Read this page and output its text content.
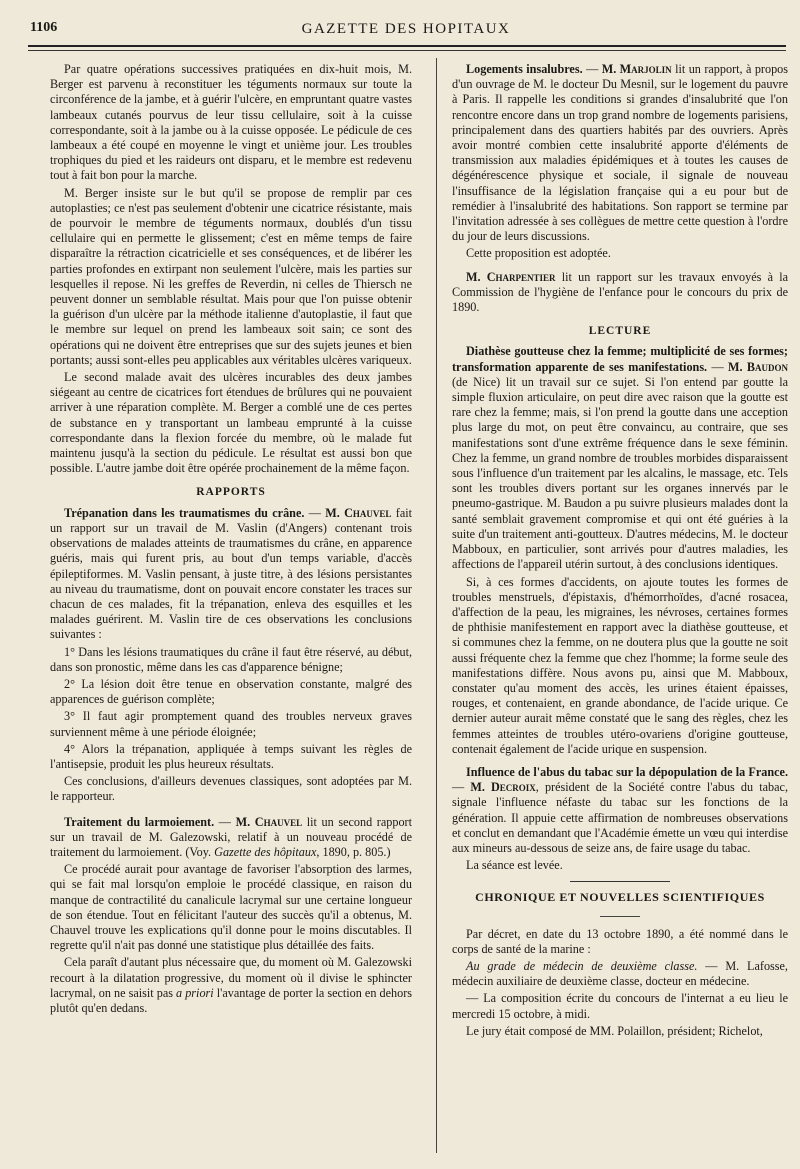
1106	GAZETTE DES HOPITAUX

Par quatre opérations successives pratiquées en dix-huit mois, M. Berger est parvenu à reconstituer les téguments normaux sur toute la circonférence de la jambe, et à guérir l'ulcère, en empruntant quatre vastes lambeaux cutanés pourvus de leur tissu cellulaire, soit à la cuisse correspondante, soit à la jambe ou à la cuisse opposée. Le pédicule de ces lambeaux a été coupé en moyenne le vingt et unième jour. Les troubles trophiques du pied et les raideurs ont disparu, et le membre est redevenu tout à fait bon pour la marche.

M. Berger insiste sur le but qu'il se propose de remplir par ces autoplasties; ce n'est pas seulement d'obtenir une cicatrice résistante, mais de pourvoir le membre de téguments normaux, doublés d'un tissu cellulaire qui en permette le glissement; c'est en même temps de faire disparaître la rétraction cicatricielle et ses conséquences, et de libérer les parties profondes en extirpant non seulement l'ulcère, mais les parties sur lesquelles il repose. Ni les greffes de Reverdin, ni celles de Thiersch ne peuvent donner un semblable résultat. Mais pour que l'on puisse obtenir la guérison d'un ulcère par la méthode italienne d'autoplastie, il faut que le membre sur lequel on prend les lambeaux soit sain; ce sont des opérations qui ne doivent être entreprises que sur des sujets jeunes et bien portants; aussi sont-elles peu applicables aux véritables ulcères variqueux.

Le second malade avait des ulcères incurables des deux jambes siégeant au centre de cicatrices fort étendues de brûlures qui ne pouvaient arriver à une réparation complète. M. Berger a comblé une de ces pertes de substance en y transportant un lambeau emprunté à la cuisse correspondante dans la flexion forcée du membre, où le malade fut maintenu jusqu'à la section du pédicule. Le résultat est aussi bon que possible. L'autre jambe doit être opérée prochainement de la même façon.

RAPPORTS

Trépanation dans les traumatismes du crâne. — M. Chauvel fait un rapport sur un travail de M. Vaslin (d'Angers) contenant trois observations de malades atteints de traumatismes du crâne, en apparence guéris, mais qui furent pris, au bout d'un temps variable, d'accès épileptiformes. M. Vaslin pensant, à juste titre, à des lésions persistantes au niveau du traumatisme, dont on pouvait encore constater les traces sur chacun de ces malades, fit la trépanation, enleva des esquilles et les malades guérirent. M. Vaslin tire de ces observations les conclusions suivantes :

1° Dans les lésions traumatiques du crâne il faut être réservé, au début, dans son pronostic, même dans les cas d'apparence bénigne;

2° La lésion doit être tenue en observation constante, malgré des apparences de guérison complète;

3° Il faut agir promptement quand des troubles nerveux graves surviennent même à une période éloignée;

4° Alors la trépanation, appliquée à temps suivant les règles de l'antisepsie, produit les plus heureux résultats.

Ces conclusions, d'ailleurs devenues classiques, sont adoptées par M. le rapporteur.

Traitement du larmoiement. — M. Chauvel lit un second rapport sur un travail de M. Galezowski, relatif à un nouveau procédé de traitement du larmoiement. (Voy. Gazette des hôpitaux, 1890, p. 805.)

Ce procédé aurait pour avantage de favoriser l'absorption des larmes, qui se fait mal lorsqu'on emploie le procédé classique, en raison du manque de contractilité du canalicule lacrymal sur une certaine longueur de son étendue. Tout en félicitant l'auteur des succès qu'il a obtenus, M. Chauvel trouve les explications qu'il donne pour le moins discutables. Il regrette qu'il n'ait pas donné une statistique plus détaillée des faits.

Cela paraît d'autant plus nécessaire que, du moment où M. Galezowski recourt à la dilatation progressive, du moment où il divise le sphincter lacrymal, on ne saisit pas a priori l'avantage de porter la section en dehors plutôt qu'en dedans.

Logements insalubres. — M. Marjolin lit un rapport, à propos d'un ouvrage de M. le docteur Du Mesnil, sur le logement du pauvre à Paris. Il rappelle les conditions si grandes d'insalubrité que l'on rencontre encore dans un trop grand nombre de logements parisiens, principalement dans des quartiers habités par des ouvriers. Après avoir montré combien cette insalubrité apporte d'éléments de transmission aux maladies épidémiques et à toutes les causes de dégénérescence physique et sociale, il signale de nouveau l'insuffisance de la législation française qui a eu pour but de remédier à l'insalubrité des habitations. Son rapport se termine par l'invitation adressée à ses collègues de mettre cette question à l'ordre du jour de leurs discussions.

Cette proposition est adoptée.

M. Charpentier lit un rapport sur les travaux envoyés à la Commission de l'hygiène de l'enfance pour le concours du prix de 1890.

LECTURE

Diathèse goutteuse chez la femme; multiplicité de ses formes; transformation apparente de ses manifestations. — M. Baudon (de Nice) lit un travail sur ce sujet. Si l'on entend par goutte la simple fluxion articulaire, on peut dire avec raison que la goutte est rare chez la femme; mais, si l'on prend la goutte dans une acception plus large du mot, on peut être convaincu, au contraire, que ses manifestations sont d'une extrême fréquence dans le sexe féminin. Chez la femme, un grand nombre de troubles morbides disparaissent sous l'influence d'un traitement par les alcalins, le massage, etc. Tels sont les troubles divers portant sur les organes innervés par le pneumo-gastrique. M. Baudon a pu suivre plusieurs malades dont la santé semblait gravement compromise et qui ont été guéries à la suite d'un traitement anti-goutteux. D'autres médecins, M. le docteur Mabboux, en particulier, sont arrivés pour d'autres maladies, les affections de l'appareil utérin surtout, à des conclusions identiques.

Si, à ces formes d'accidents, on ajoute toutes les formes de troubles menstruels, d'épistaxis, d'hémorrhoïdes, d'acné rosacea, d'affection de la peau, les migraines, les névroses, certaines formes de phthisie manifestement en rapport avec la diathèse goutteuse, et si communes chez la femme, on ne doutera plus que la goutte ne soit aussi fréquente chez la femme que chez l'homme; la forme seule des manifestations diffère. Nous avons pu, ainsi que M. Mabboux, constater qu'au moment des accès, les urines étaient épaisses, rouges, et contenaient, en grande abondance, de l'acide urique. Ce dernier auteur aurait même constaté que le sang des règles, chez les femmes atteintes de troubles utéro-ovariens d'origine goutteuse, contenait également de l'acide urique en suspension.

Influence de l'abus du tabac sur la dépopulation de la France. — M. Decroix, président de la Société contre l'abus du tabac, signale l'influence néfaste du tabac sur les fonctions de la génération. Il appuie cette affirmation de nombreuses observations et conclut en demandant que l'Académie émette un vœu qui interdise aux mineurs au-dessous de seize ans, de faire usage du tabac.

La séance est levée.

CHRONIQUE ET NOUVELLES SCIENTIFIQUES

Par décret, en date du 13 octobre 1890, a été nommé dans le corps de santé de la marine :

Au grade de médecin de deuxième classe. — M. Lafosse, médecin auxiliaire de deuxième classe, docteur en médecine.

— La composition écrite du concours de l'internat a eu lieu le mercredi 15 octobre, à midi.

Le jury était composé de MM. Polaillon, président; Richelot,
